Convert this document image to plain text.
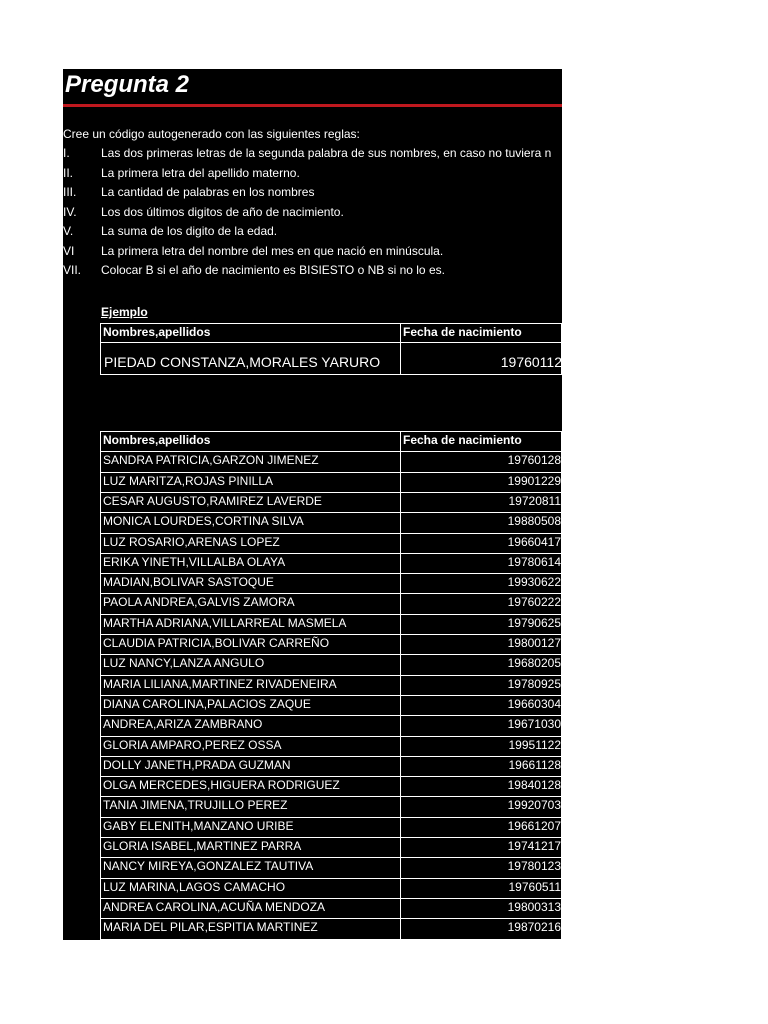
Pregunta 2
Cree un código autogenerado con las siguientes reglas:
I.	Las dos primeras letras de la segunda palabra de sus nombres, en caso no tuviera n
II. La primera letra del apellido materno.
III. La cantidad de palabras en los nombres
IV. Los dos últimos digitos de año de nacimiento.
V. La suma de los digito de la edad.
VI La primera letra del nombre del mes en que nació en minúscula.
VII. Colocar B si el año de nacimiento es BISIESTO o NB si no lo es.
Ejemplo
Nombres,apellidos	Fecha de nacimiento
PIEDAD CONSTANZA,MORALES YARURO	19760112
Nombres,apellidos	Fecha de nacimiento
SANDRA PATRICIA,GARZON JIMENEZ	19760128
LUZ MARITZA,ROJAS PINILLA	19901229
CESAR AUGUSTO,RAMIREZ LAVERDE	19720811
MONICA LOURDES,CORTINA SILVA	19880508
LUZ ROSARIO,ARENAS LOPEZ	19660417
ERIKA YINETH,VILLALBA OLAYA	19780614
MADIAN,BOLIVAR SASTOQUE	19930622
PAOLA ANDREA,GALVIS ZAMORA	19760222
MARTHA ADRIANA,VILLARREAL MASMELA	19790625
CLAUDIA PATRICIA,BOLIVAR CARREÑO	19800127
LUZ NANCY,LANZA ANGULO	19680205
MARIA LILIANA,MARTINEZ RIVADENEIRA	19780925
DIANA CAROLINA,PALACIOS ZAQUE	19660304
ANDREA,ARIZA ZAMBRANO	19671030
GLORIA AMPARO,PEREZ OSSA	19951122
DOLLY JANETH,PRADA GUZMAN	19661128
OLGA MERCEDES,HIGUERA RODRIGUEZ	19840128
TANIA JIMENA,TRUJILLO PEREZ	19920703
GABY ELENITH,MANZANO URIBE	19661207
GLORIA ISABEL,MARTINEZ PARRA	19741217
NANCY MIREYA,GONZALEZ TAUTIVA	19780123
LUZ MARINA,LAGOS CAMACHO	19760511
ANDREA CAROLINA,ACUÑA MENDOZA	19800313
MARIA DEL PILAR,ESPITIA MARTINEZ	19870216
